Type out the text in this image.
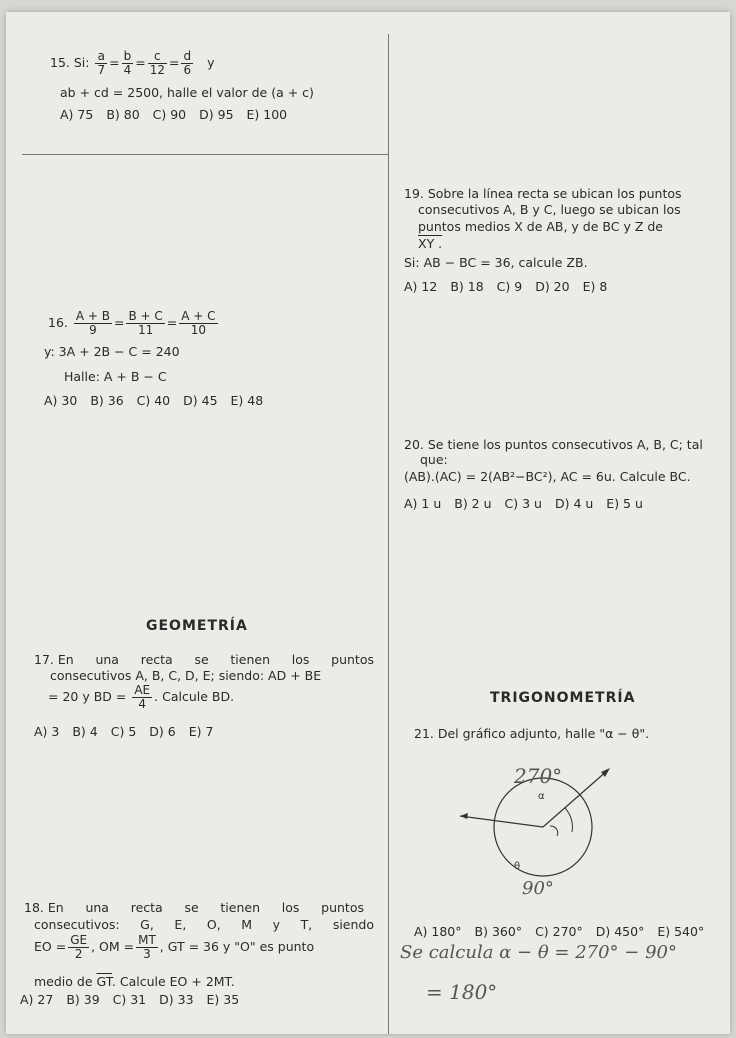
15. Si: $\frac{a}{7} = \frac{b}{4} = \frac{c}{12} = \frac{d}{6}$ y
ab + cd = 2500, halle el valor de (a + c)
A) 75 B) 80 C) 90 D) 95 E) 100
16. $\frac{A + B}{9} = \frac{B + C}{11} = \frac{A + C}{10}$
y: 3A + 2B − C = 240
Halle: A + B − C
A) 30 B) 36 C) 40 D) 45 E) 48
GEOMETRÍA
17. En una recta se tienen los puntos
consecutivos A, B, C, D, E; siendo: AD + BE
= 20 y BD = $\frac{AE}{4}$ . Calcule BD.
A) 3 B) 4 C) 5 D) 6 E) 7
18. En una recta se tienen los puntos
consecutivos: G, E, O, M y T, siendo
EO = $\frac{GE}{2}$ , OM = $\frac{MT}{3}$ , GT = 36 y "O" es punto
medio de $\overline{GT}$. Calcule EO + 2MT.
A) 27 B) 39 C) 31 D) 33 E) 35
19. Sobre la línea recta se ubican los puntos
consecutivos A, B y C, luego se ubican los
puntos medios X de AB, y de BC y Z de
XY .
Si: AB − BC = 36, calcule ZB.
A) 12 B) 18 C) 9 D) 20 E) 8
20. Se tiene los puntos consecutivos A, B, C; tal
que:
(AB).(AC) = 2(AB²−BC²), AC = 6u. Calcule BC.
A) 1 u B) 2 u C) 3 u D) 4 u E) 5 u
TRIGONOMETRÍA
21. Del gráfico adjunto, halle "α − θ".
α
θ
270°
90°
A) 180° B) 360° C) 270° D) 450° E) 540°
Se calcula α − θ = 270° − 90°
= 180°
